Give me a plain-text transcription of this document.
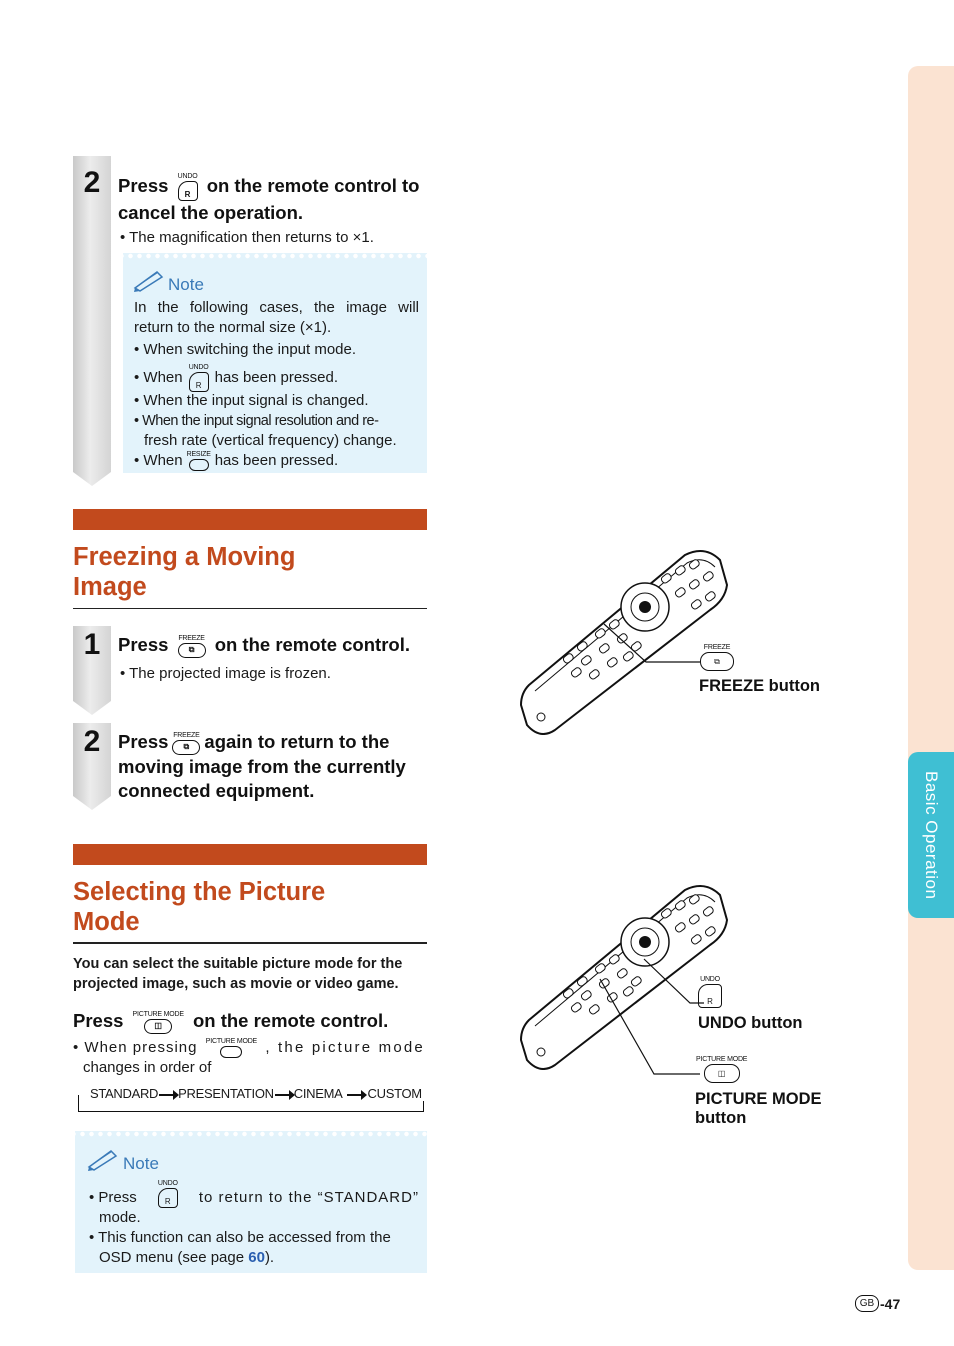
Basic Operation
2 Press UNDO
R on the remote control to cancel the operation.
• The magnification then returns to ×1.
Note
In the following cases, the image will return to the normal size (×1).
• When switching the input mode.
• When
UNDO
R has been pressed.
• When the input signal is changed.
• When the input signal resolution and re-
fresh rate (vertical frequency) change.
• When RESIZE has been pressed.
Freezing a Moving
Image
1 Press FREEZE
⧉	on the remote control.
• The projected image is frozen.
2 Press FREEZE
⧉ again to return to the
moving image from the currently
connected equipment.
Selecting the Picture
Mode
You can select the suitable picture mode for the
projected image, such as movie or video game.
Press PICTURE MODE
◫	on the remote control.
• When pressing PICTURE MODE , the picture mode
changes in order of
STANDARD PRESENTATION CINEMA CUSTOM
Note
• Press
UNDO
R	to return to the “STANDARD”
mode.
• This function can also be accessed from the
OSD menu (see page 60).
FREEZE
⧉
FREEZE button
UNDO
R
UNDO button
PICTURE MODE
◫
PICTURE MODE
button
GB -47
